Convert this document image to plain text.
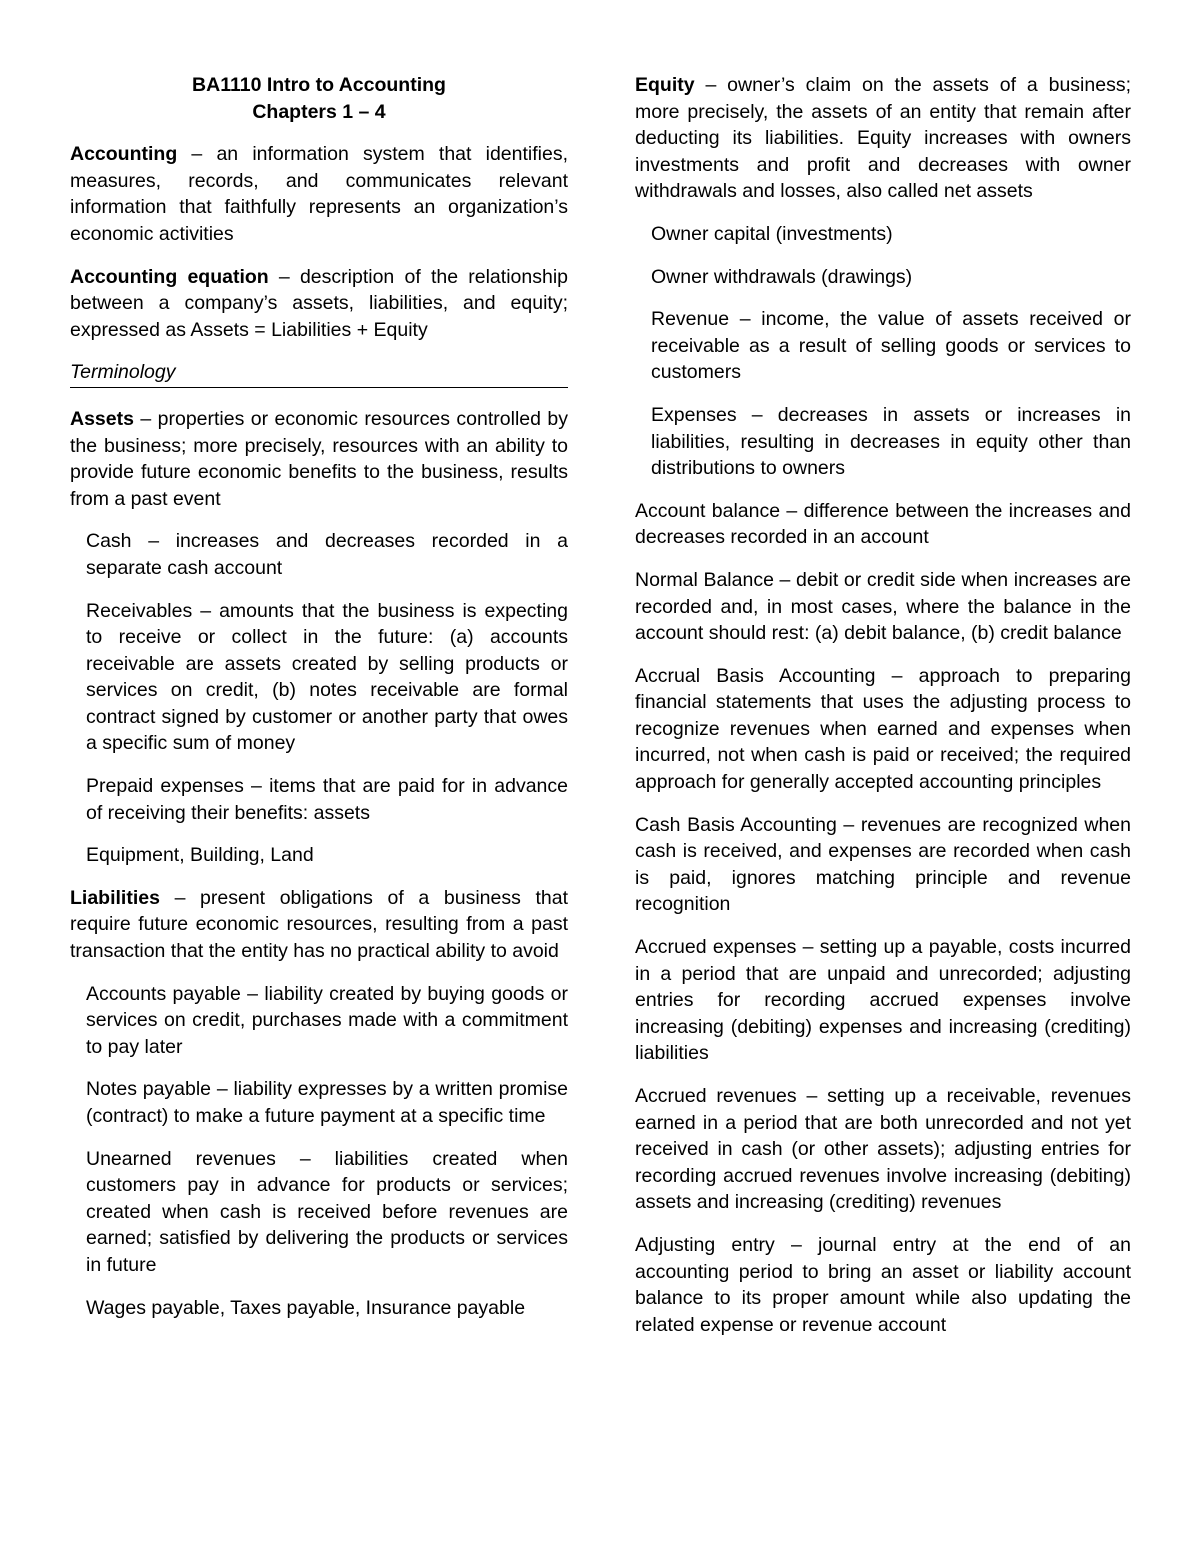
BA1110 Intro to Accounting
Chapters 1 – 4

Accounting – an information system that identifies, measures, records, and communicates relevant information that faithfully represents an organization’s economic activities

Accounting equation – description of the relationship between a company’s assets, liabilities, and equity; expressed as Assets = Liabilities + Equity

Terminology

Assets – properties or economic resources controlled by the business; more precisely, resources with an ability to provide future economic benefits to the business, results from a past event

Cash – increases and decreases recorded in a separate cash account

Receivables – amounts that the business is expecting to receive or collect in the future: (a) accounts receivable are assets created by selling products or services on credit, (b) notes receivable are formal contract signed by customer or another party that owes a specific sum of money

Prepaid expenses – items that are paid for in advance of receiving their benefits: assets

Equipment, Building, Land

Liabilities – present obligations of a business that require future economic resources, resulting from a past transaction that the entity has no practical ability to avoid

Accounts payable – liability created by buying goods or services on credit, purchases made with a commitment to pay later

Notes payable – liability expresses by a written promise (contract) to make a future payment at a specific time

Unearned revenues – liabilities created when customers pay in advance for products or services; created when cash is received before revenues are earned; satisfied by delivering the products or services in future

Wages payable, Taxes payable, Insurance payable

Equity – owner’s claim on the assets of a business; more precisely, the assets of an entity that remain after deducting its liabilities. Equity increases with owners investments and profit and decreases with owner withdrawals and losses, also called net assets

Owner capital (investments)

Owner withdrawals (drawings)

Revenue – income, the value of assets received or receivable as a result of selling goods or services to customers

Expenses – decreases in assets or increases in liabilities, resulting in decreases in equity other than distributions to owners

Account balance – difference between the increases and decreases recorded in an account

Normal Balance – debit or credit side when increases are recorded and, in most cases, where the balance in the account should rest: (a) debit balance, (b) credit balance

Accrual Basis Accounting – approach to preparing financial statements that uses the adjusting process to recognize revenues when earned and expenses when incurred, not when cash is paid or received; the required approach for generally accepted accounting principles

Cash Basis Accounting – revenues are recognized when cash is received, and expenses are recorded when cash is paid, ignores matching principle and revenue recognition

Accrued expenses – setting up a payable, costs incurred in a period that are unpaid and unrecorded; adjusting entries for recording accrued expenses involve increasing (debiting) expenses and increasing (crediting) liabilities

Accrued revenues – setting up a receivable, revenues earned in a period that are both unrecorded and not yet received in cash (or other assets); adjusting entries for recording accrued revenues involve increasing (debiting) assets and increasing (crediting) revenues

Adjusting entry – journal entry at the end of an accounting period to bring an asset or liability account balance to its proper amount while also updating the related expense or revenue account
